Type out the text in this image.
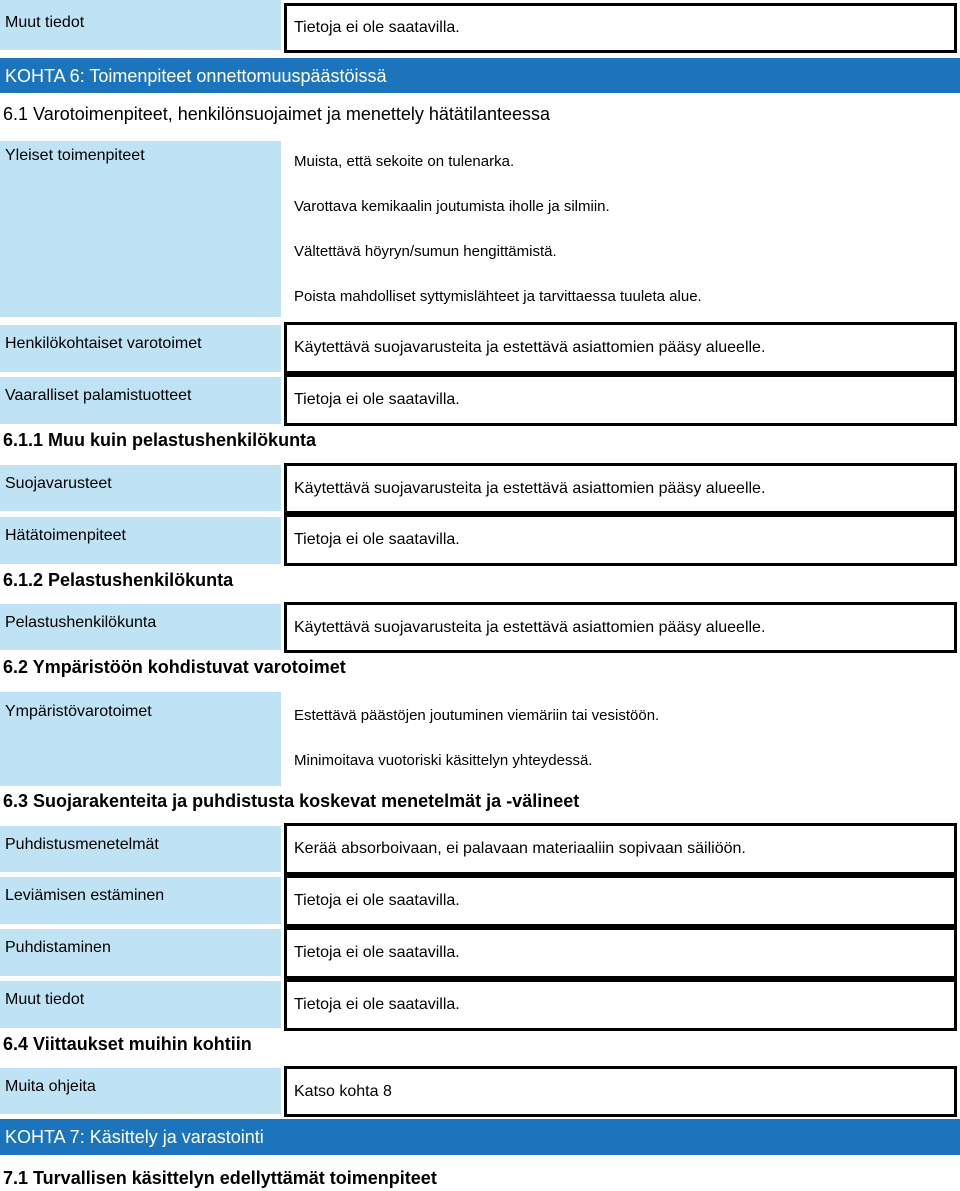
Muut tiedot	Tietoja ei ole saatavilla.
KOHTA 6: Toimenpiteet onnettomuuspäästöissä
6.1 Varotoimenpiteet, henkilönsuojaimet ja menettely hätätilanteessa
Yleiset toimenpiteet	Muista, että sekoite on tulenarka.
Varottava kemikaalin joutumista iholle ja silmiin.
Vältettävä höyryn/sumun hengittämistä.
Poista mahdolliset syttymislähteet ja tarvittaessa tuuleta alue.
Henkilökohtaiset varotoimet	Käytettävä suojavarusteita ja estettävä asiattomien pääsy alueelle.
Vaaralliset palamistuotteet	Tietoja ei ole saatavilla.
6.1.1 Muu kuin pelastushenkilökunta
Suojavarusteet	Käytettävä suojavarusteita ja estettävä asiattomien pääsy alueelle.
Hätätoimenpiteet	Tietoja ei ole saatavilla.
6.1.2 Pelastushenkilökunta
Pelastushenkilökunta	Käytettävä suojavarusteita ja estettävä asiattomien pääsy alueelle.
6.2 Ympäristöön kohdistuvat varotoimet
Ympäristövarotoimet	Estettävä päästöjen joutuminen viemäriin tai vesistöön.
Minimoitava vuotoriski käsittelyn yhteydessä.
6.3 Suojarakenteita ja puhdistusta koskevat menetelmät ja -välineet
Puhdistusmenetelmät	Kerää absorboivaan, ei palavaan materiaaliin sopivaan säiliöön.
Leviämisen estäminen	Tietoja ei ole saatavilla.
Puhdistaminen	Tietoja ei ole saatavilla.
Muut tiedot	Tietoja ei ole saatavilla.
6.4 Viittaukset muihin kohtiin
Muita ohjeita	Katso kohta 8
KOHTA 7: Käsittely ja varastointi
7.1 Turvallisen käsittelyn edellyttämät toimenpiteet
